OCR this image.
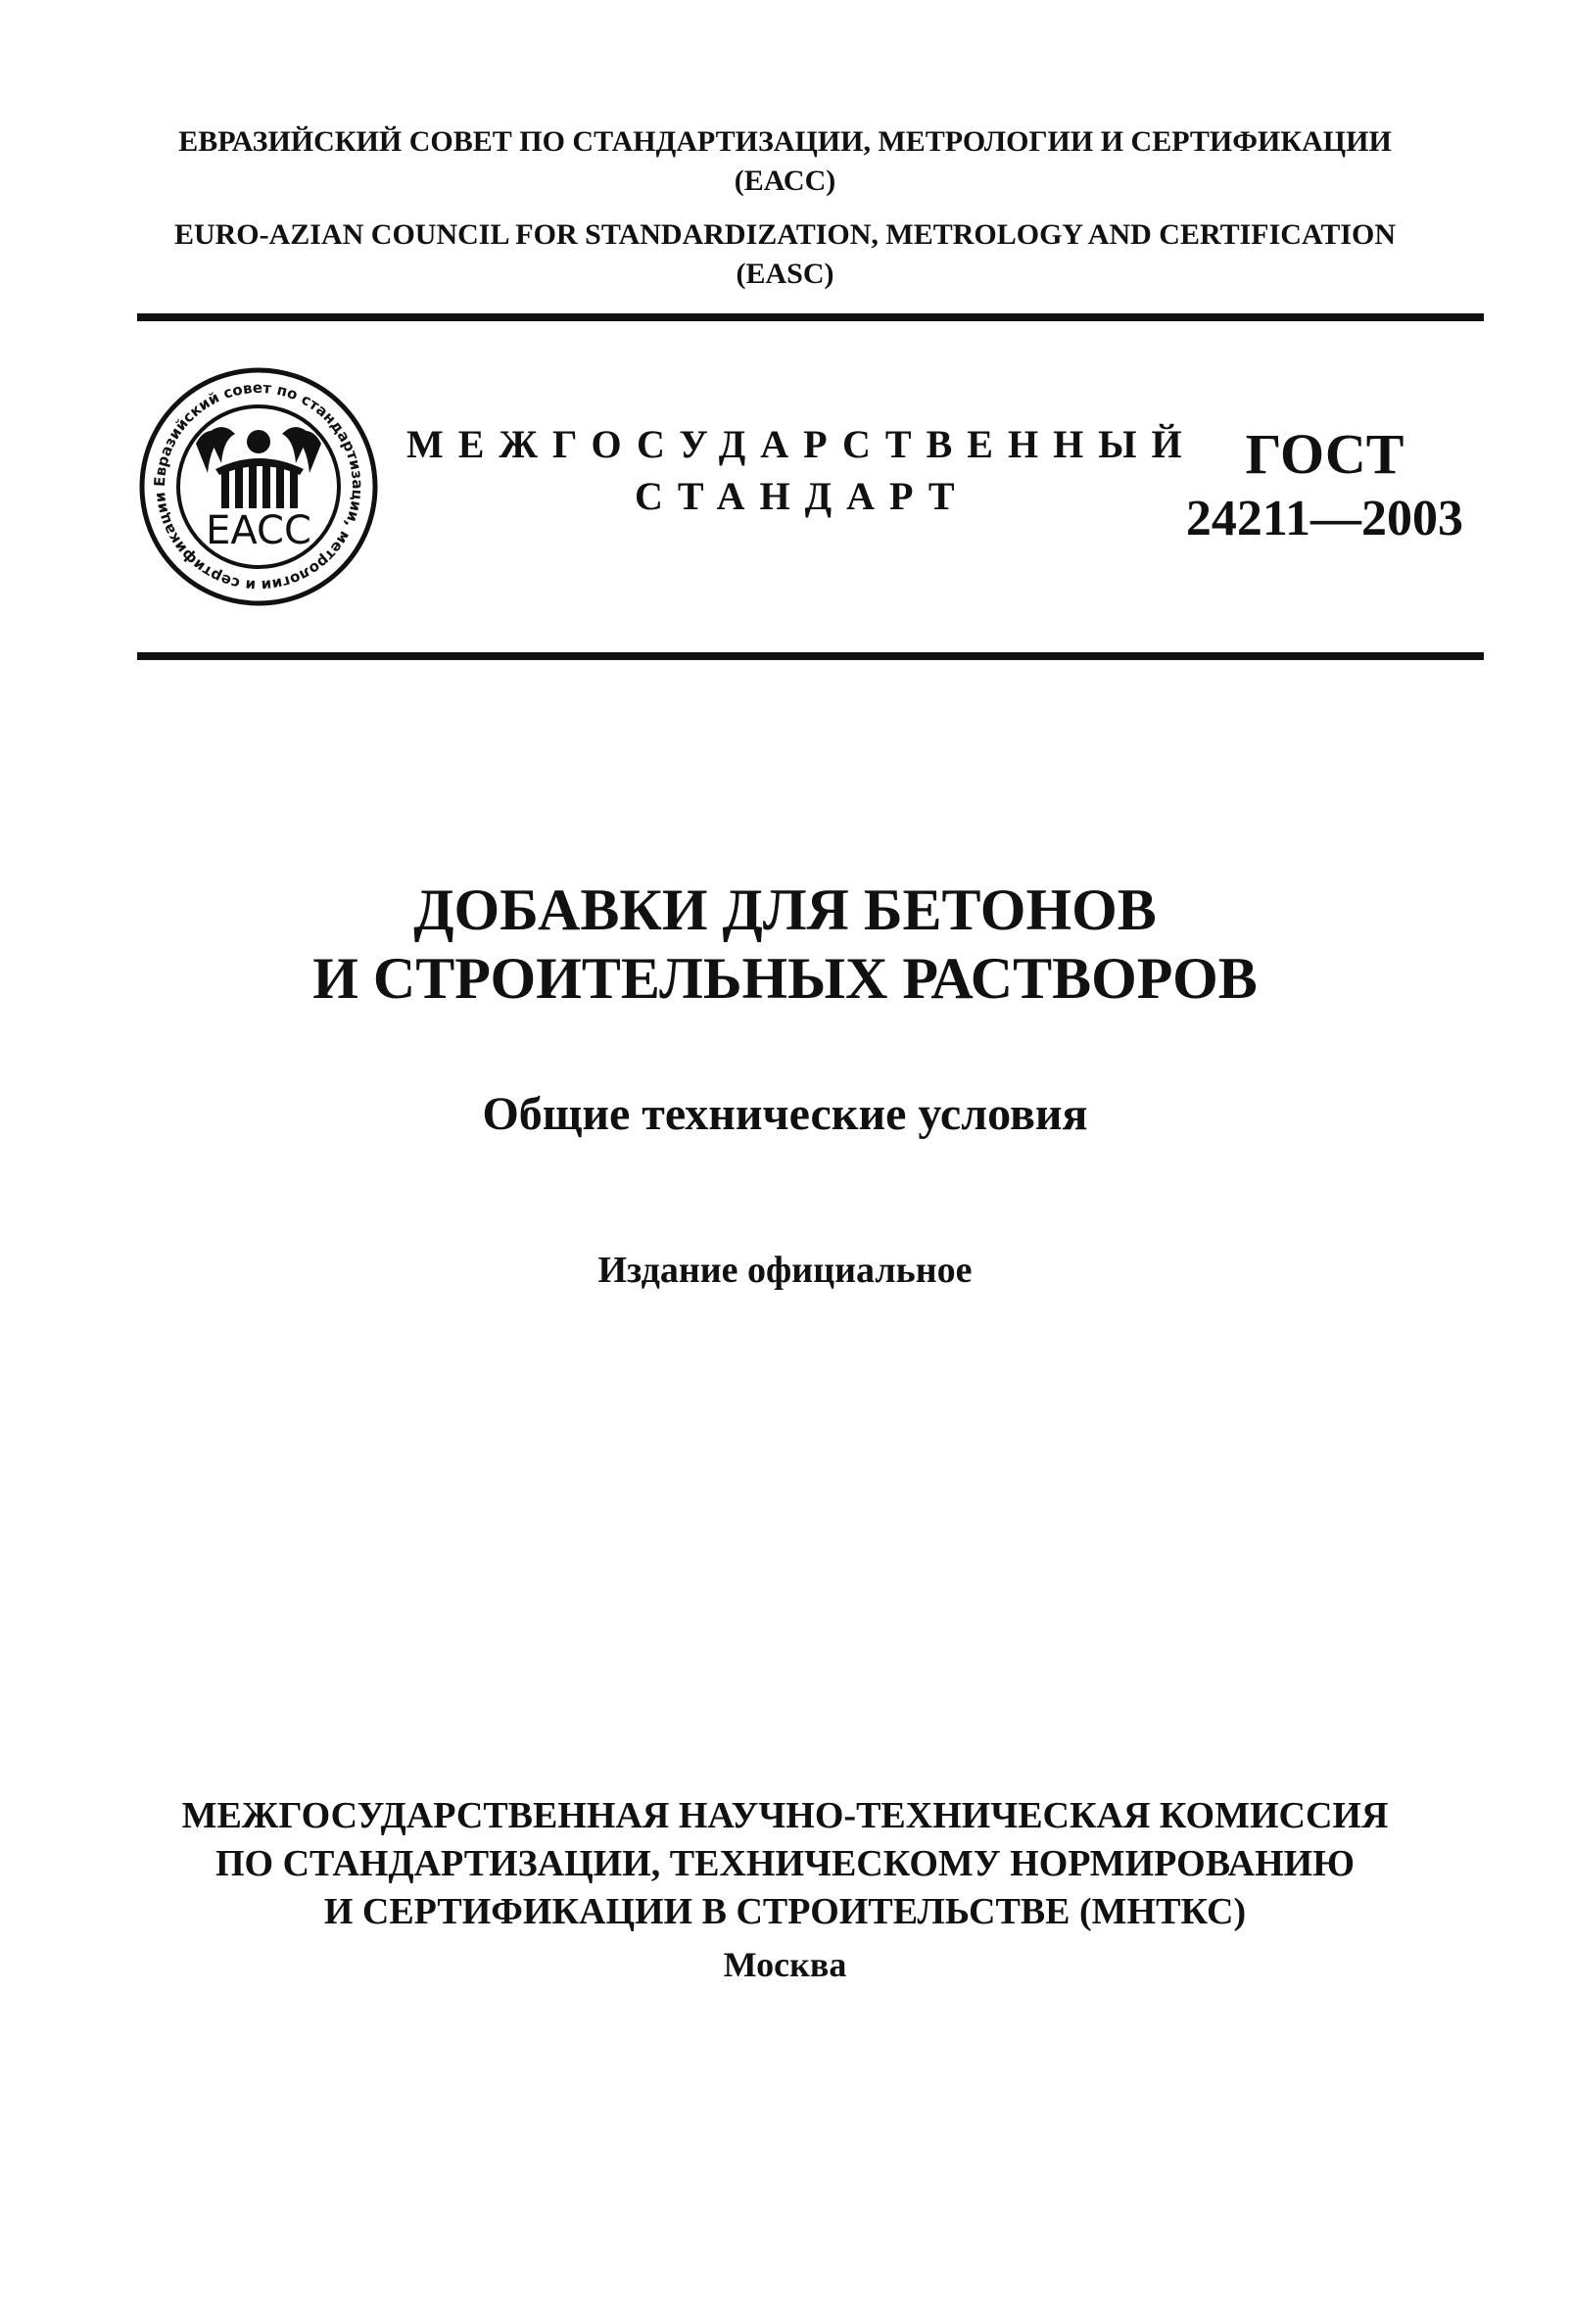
ЕВРАЗИЙСКИЙ СОВЕТ ПО СТАНДАРТИЗАЦИИ, МЕТРОЛОГИИ И СЕРТИФИКАЦИИ
(ЕАСС)
EURO-AZIAN COUNCIL FOR STANDARDIZATION, METROLOGY AND CERTIFICATION
(EASC)
Евразийский совет по стандартизации, метрологии и сертификации
EACC
МЕЖГОСУДАРСТВЕННЫЙ
СТАНДАРТ
ГОСТ
24211—2003
ДОБАВКИ ДЛЯ БЕТОНОВ
И СТРОИТЕЛЬНЫХ РАСТВОРОВ
Общие технические условия
Издание официальное
МЕЖГОСУДАРСТВЕННАЯ НАУЧНО-ТЕХНИЧЕСКАЯ КОМИССИЯ
ПО СТАНДАРТИЗАЦИИ, ТЕХНИЧЕСКОМУ НОРМИРОВАНИЮ
И СЕРТИФИКАЦИИ В СТРОИТЕЛЬСТВЕ (МНТКС)
Москва
